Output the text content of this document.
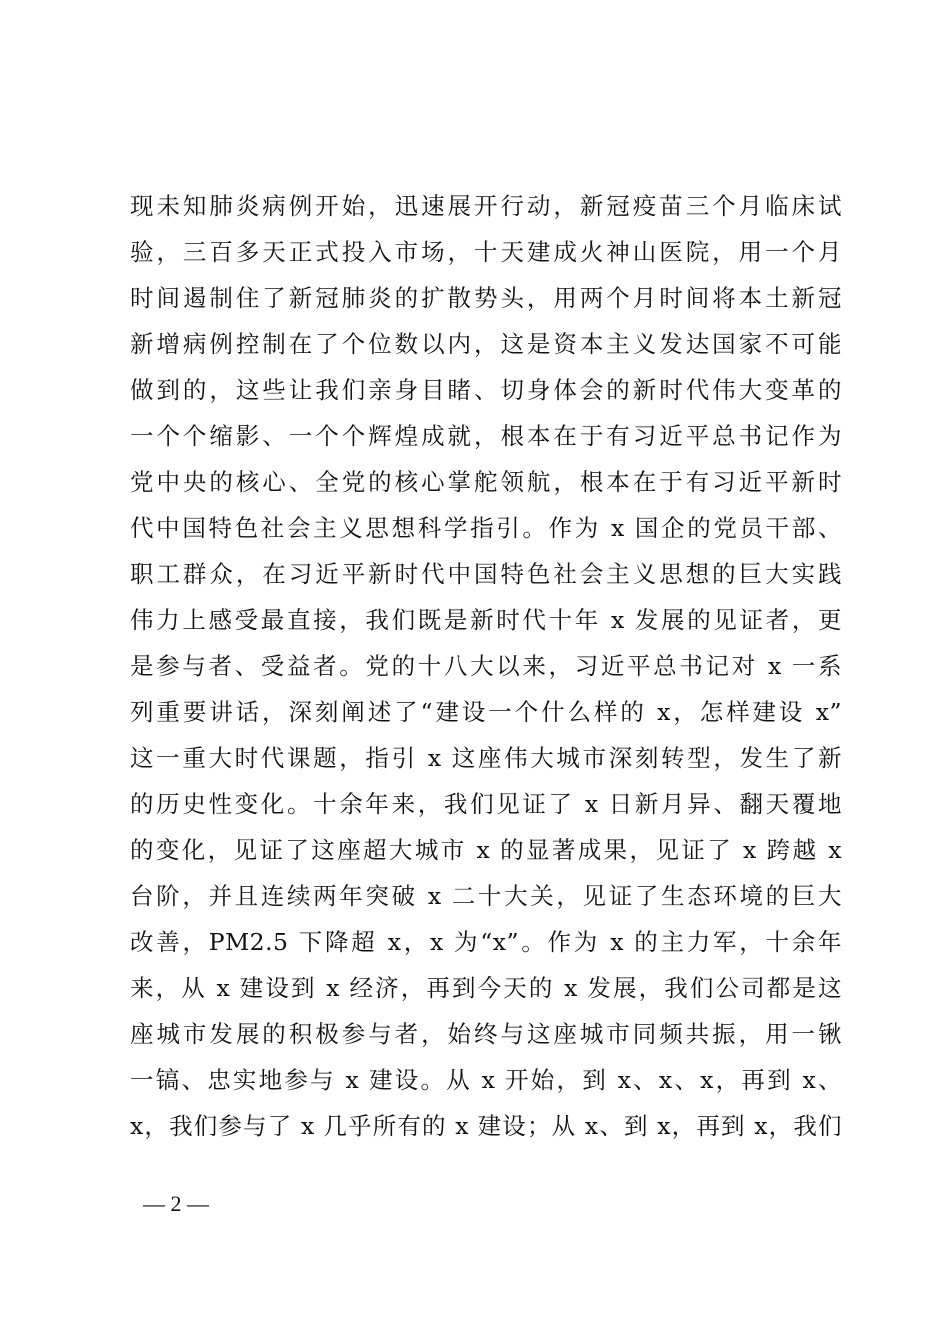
现未知肺炎病例开始，迅速展开行动，新冠疫苗三个月临床试
验，三百多天正式投入市场，十天建成火神山医院，用一个月
时间遏制住了新冠肺炎的扩散势头，用两个月时间将本土新冠
新增病例控制在了个位数以内，这是资本主义发达国家不可能
做到的，这些让我们亲身目睹、切身体会的新时代伟大变革的
一个个缩影、一个个辉煌成就，根本在于有习近平总书记作为
党中央的核心、全党的核心掌舵领航，根本在于有习近平新时
代中国特色社会主义思想科学指引。作为 x 国企的党员干部、
职工群众，在习近平新时代中国特色社会主义思想的巨大实践
伟力上感受最直接，我们既是新时代十年 x 发展的见证者，更
是参与者、受益者。党的十八大以来，习近平总书记对 x 一系
列重要讲话，深刻阐述了“建设一个什么样的 x，怎样建设 x”
这一重大时代课题，指引 x 这座伟大城市深刻转型，发生了新
的历史性变化。十余年来，我们见证了 x 日新月异、翻天覆地
的变化，见证了这座超大城市 x 的显著成果，见证了 x 跨越 x
台阶，并且连续两年突破 x 二十大关，见证了生态环境的巨大
改善，PM2.5 下降超 x，x 为“x”。作为 x 的主力军，十余年
来，从 x 建设到 x 经济，再到今天的 x 发展，我们公司都是这
座城市发展的积极参与者，始终与这座城市同频共振，用一锹
一镐、忠实地参与 x 建设。从 x 开始，到 x、x、x，再到 x、
x，我们参与了 x 几乎所有的 x 建设；从 x、到 x，再到 x，我们
— 2 —
